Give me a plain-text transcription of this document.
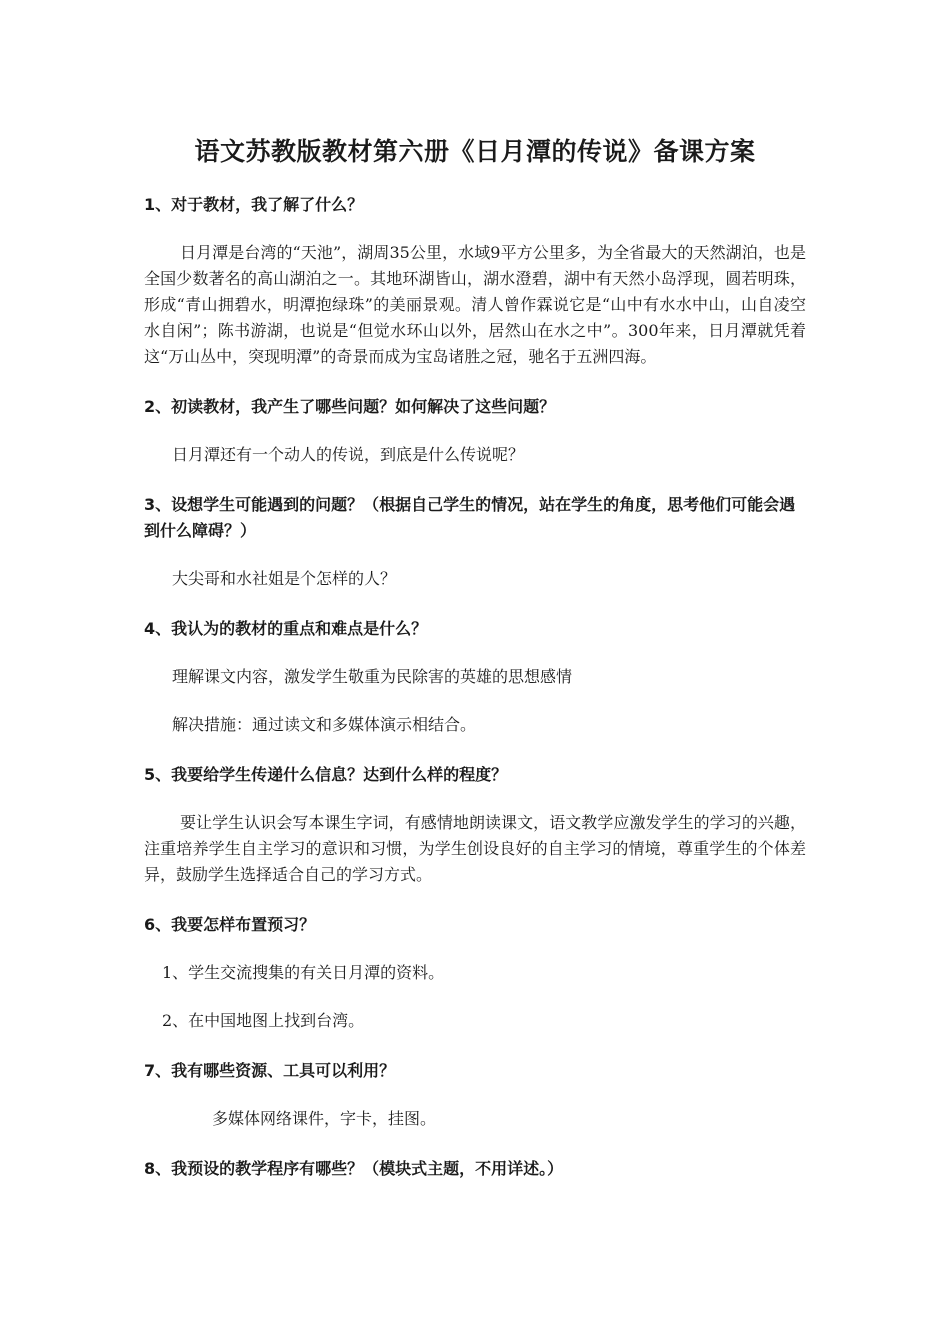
语文苏教版教材第六册《日月潭的传说》备课方案

1、对于教材，我了解了什么？

日月潭是台湾的“天池”，湖周35公里，水域9平方公里多，为全省最大的天然湖泊，也是全国少数著名的高山湖泊之一。其地环湖皆山，湖水澄碧，湖中有天然小岛浮现，圆若明珠，形成“青山拥碧水，明潭抱绿珠”的美丽景观。清人曾作霖说它是“山中有水水中山，山自凌空水自闲”；陈书游湖，也说是“但觉水环山以外，居然山在水之中”。300年来，日月潭就凭着这“万山丛中，突现明潭”的奇景而成为宝岛诸胜之冠，驰名于五洲四海。

2、初读教材，我产生了哪些问题？如何解决了这些问题？

日月潭还有一个动人的传说，到底是什么传说呢？

3、设想学生可能遇到的问题？（根据自己学生的情况，站在学生的角度，思考他们可能会遇到什么障碍？）

大尖哥和水社姐是个怎样的人？

4、我认为的教材的重点和难点是什么？

理解课文内容，激发学生敬重为民除害的英雄的思想感情

解决措施：通过读文和多媒体演示相结合。

5、我要给学生传递什么信息？达到什么样的程度？

要让学生认识会写本课生字词，有感情地朗读课文，语文教学应激发学生的学习的兴趣，注重培养学生自主学习的意识和习惯，为学生创设良好的自主学习的情境，尊重学生的个体差异，鼓励学生选择适合自己的学习方式。

6、我要怎样布置预习？

1、学生交流搜集的有关日月潭的资料。

2、在中国地图上找到台湾。

7、我有哪些资源、工具可以利用？

多媒体网络课件，字卡，挂图。

8、我预设的教学程序有哪些？（模块式主题，不用详述。）
